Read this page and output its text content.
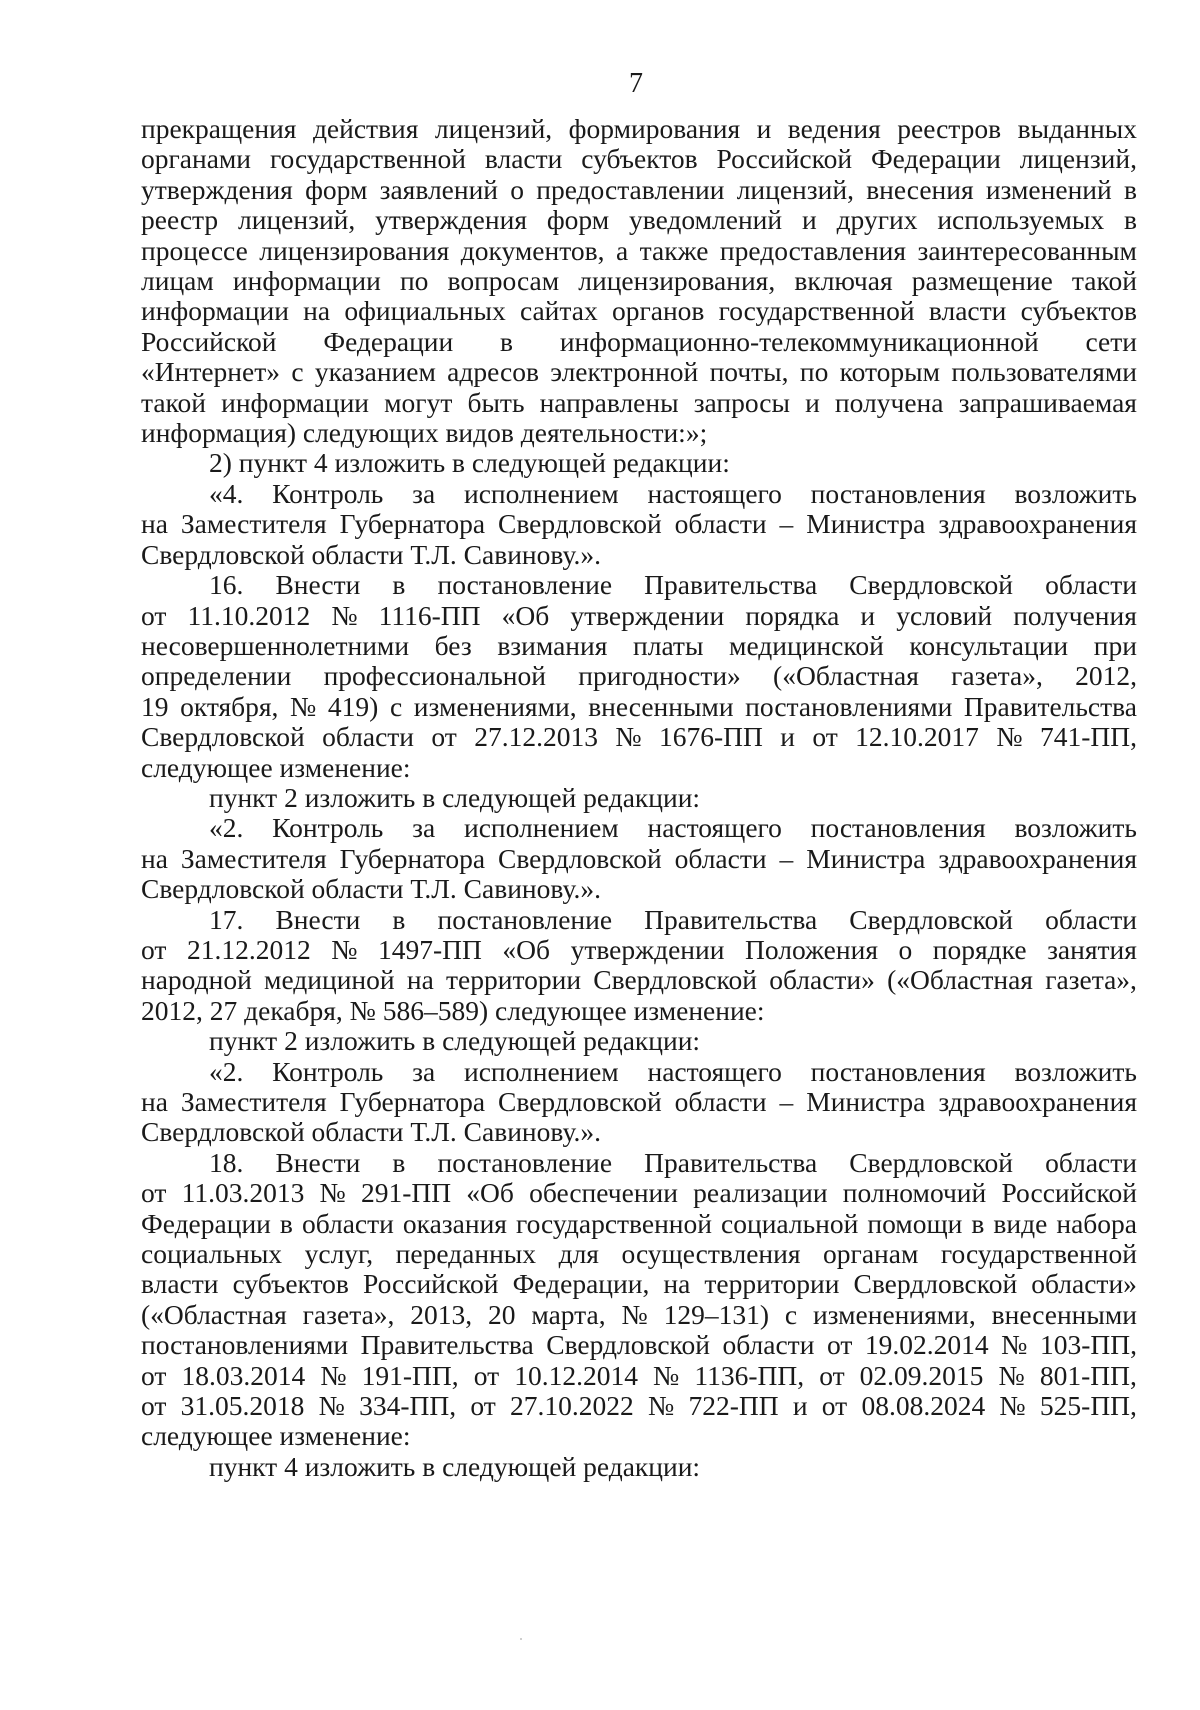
7
прекращения действия лицензий, формирования и ведения реестров выданных
органами государственной власти субъектов Российской Федерации лицензий,
утверждения форм заявлений о предоставлении лицензий, внесения изменений в
реестр лицензий, утверждения форм уведомлений и других используемых в
процессе лицензирования документов, а также предоставления заинтересованным
лицам информации по вопросам лицензирования, включая размещение такой
информации на официальных сайтах органов государственной власти субъектов
Российской Федерации в информационно-телекоммуникационной сети
«Интернет» с указанием адресов электронной почты, по которым пользователями
такой информации могут быть направлены запросы и получена запрашиваемая
информация) следующих видов деятельности:»;
2) пункт 4 изложить в следующей редакции:
«4. Контроль за исполнением настоящего постановления возложить
на Заместителя Губернатора Свердловской области – Министра здравоохранения
Свердловской области Т.Л. Савинову.».
16. Внести в постановление Правительства Свердловской области
от 11.10.2012 № 1116-ПП «Об утверждении порядка и условий получения
несовершеннолетними без взимания платы медицинской консультации при
определении профессиональной пригодности» («Областная газета», 2012,
19 октября, № 419) с изменениями, внесенными постановлениями Правительства
Свердловской области от 27.12.2013 № 1676-ПП и от 12.10.2017 № 741-ПП,
следующее изменение:
пункт 2 изложить в следующей редакции:
«2. Контроль за исполнением настоящего постановления возложить
на Заместителя Губернатора Свердловской области – Министра здравоохранения
Свердловской области Т.Л. Савинову.».
17. Внести в постановление Правительства Свердловской области
от 21.12.2012 № 1497-ПП «Об утверждении Положения о порядке занятия
народной медициной на территории Свердловской области» («Областная газета»,
2012, 27 декабря, № 586–589) следующее изменение:
пункт 2 изложить в следующей редакции:
«2. Контроль за исполнением настоящего постановления возложить
на Заместителя Губернатора Свердловской области – Министра здравоохранения
Свердловской области Т.Л. Савинову.».
18. Внести в постановление Правительства Свердловской области
от 11.03.2013 № 291-ПП «Об обеспечении реализации полномочий Российской
Федерации в области оказания государственной социальной помощи в виде набора
социальных услуг, переданных для осуществления органам государственной
власти субъектов Российской Федерации, на территории Свердловской области»
(«Областная газета», 2013, 20 марта, № 129–131) с изменениями, внесенными
постановлениями Правительства Свердловской области от 19.02.2014 № 103-ПП,
от 18.03.2014 № 191-ПП, от 10.12.2014 № 1136-ПП, от 02.09.2015 № 801-ПП,
от 31.05.2018 № 334-ПП, от 27.10.2022 № 722-ПП и от 08.08.2024 № 525-ПП,
следующее изменение:
пункт 4 изложить в следующей редакции:
